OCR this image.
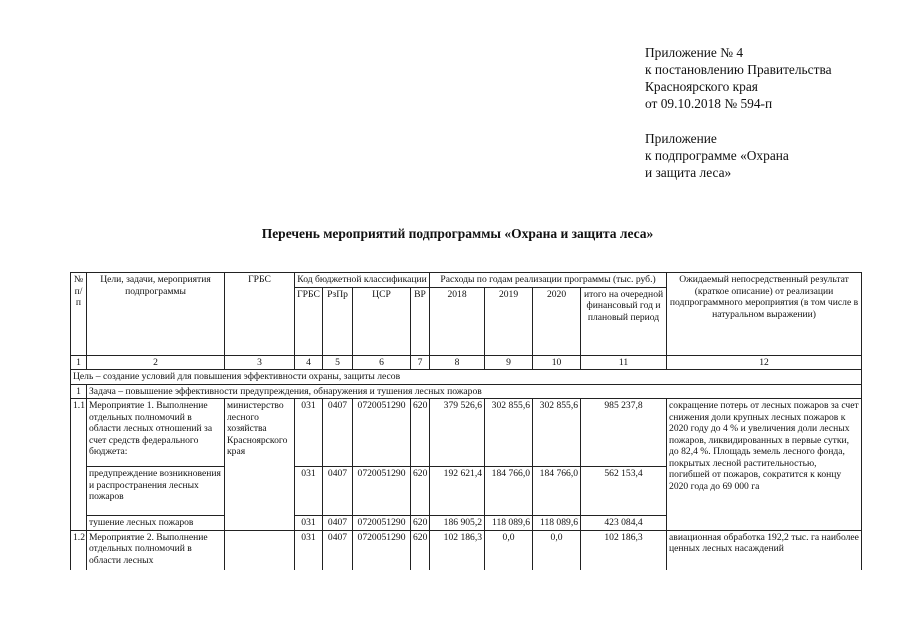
Приложение № 4

к постановлению Правительства

Красноярского края

от 09.10.2018 № 594-п

Приложение

к подпрограмме «Охрана

и защита леса»

Перечень мероприятий подпрограммы «Охрана и защита леса»
№ п/п	Цели, задачи, мероприятия подпрограммы	ГРБС	Код бюджетной классификации				Расходы по годам реализации программы (тыс. руб.)				Ожидаемый непосредственный результат (краткое описание) от реализации подпрограммного мероприятия (в том числе в натуральном выражении)
			ГРБС	РзПр	ЦСР	ВР	2018	2019	2020	итого на очередной финансовый год и плановый период	
1	2	3	4	5	6	7	8	9	10	11	12
Цель – создание условий для повышения эффективности охраны, защиты лесов											
1	Задача – повышение эффективности предупреждения, обнаружения и тушения лесных пожаров										
1.1	Мероприятие 1. Выполнение отдельных полномочий в области лесных отношений за счет средств федерального бюджета:	министерство лесного хозяйства Красноярского края	031	0407	0720051290	620	379 526,6	302 855,6	302 855,6	985 237,8	сокращение потерь от лесных пожаров за счет снижения доли крупных лесных пожаров к 2020 году до 4 % и увеличения доли лесных пожаров, ликвидированных в первые сутки, до 82,4 %. Площадь земель лесного фонда, покрытых лесной растительностью, погибшей от пожаров, сократится к концу 2020 года до 69 000 га
	предупреждение возникновения и распространения лесных пожаров		031	0407	0720051290	620	192 621,4	184 766,0	184 766,0	562 153,4	
	тушение лесных пожаров		031	0407	0720051290	620	186 905,2	118 089,6	118 089,6	423 084,4	
1.2	Мероприятие 2. Выполнение отдельных полномочий в области лесных		031	0407	0720051290	620	102 186,3	0,0	0,0	102 186,3	авиационная обработка 192,2 тыс. га наиболее ценных лесных насаждений
